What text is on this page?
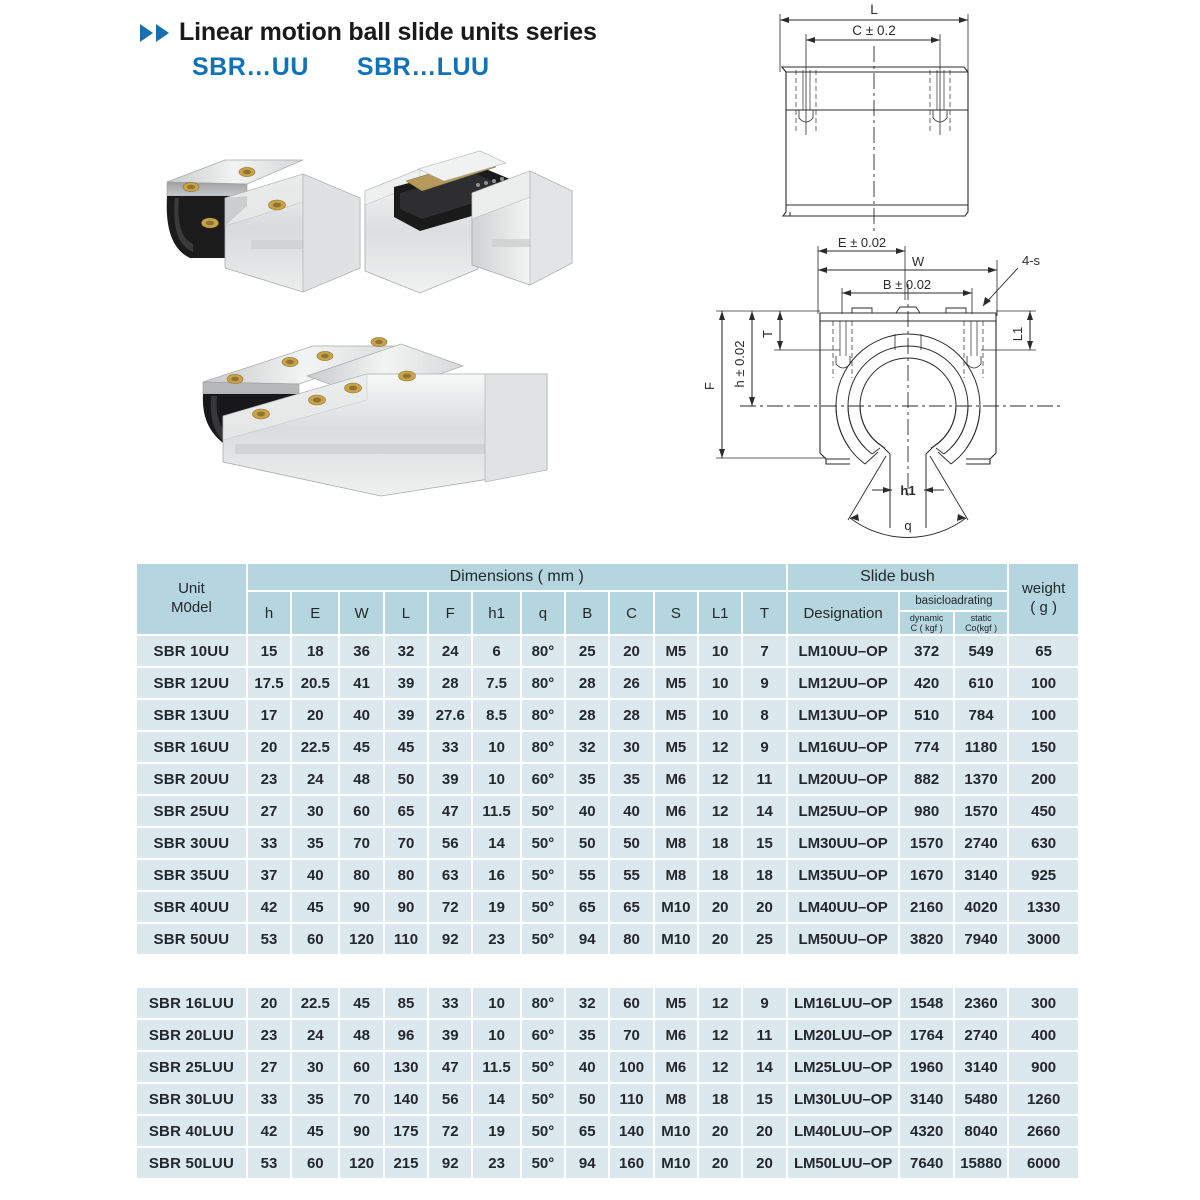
Linear motion ball slide units series
SBR…UU SBR…LUU
L
C ± 0.2
E ± 0.02
W
B ± 0.02
4-s
F h ± 0.02
T	L1
h1
q
Unit
M0del
	Dimensions ( mm )	Slide bush	
weight
( g )

	h	E	W	L	F	h1	q	B	C	S	L1	T	Designation	basicloadrating		

dynamic
C ( kgf )

static
Co(kgf )

SBR 10UU	15	18	36	32	24	6	80°	25	20	M5	10	7	LM10UU–OP	372	549	65
SBR 12UU	17.5	20.5	41	39	28	7.5	80°	28	26	M5	10	9	LM12UU–OP	420	610	100
SBR 13UU	17	20	40	39	27.6	8.5	80°	28	28	M5	10	8	LM13UU–OP	510	784	100
SBR 16UU	20	22.5	45	45	33	10	80°	32	30	M5	12	9	LM16UU–OP	774	1180	150
SBR 20UU	23	24	48	50	39	10	60°	35	35	M6	12	11	LM20UU–OP	882	1370	200
SBR 25UU	27	30	60	65	47	11.5	50°	40	40	M6	12	14	LM25UU–OP	980	1570	450
SBR 30UU	33	35	70	70	56	14	50°	50	50	M8	18	15	LM30UU–OP	1570	2740	630
SBR 35UU	37	40	80	80	63	16	50°	55	55	M8	18	18	LM35UU–OP	1670	3140	925
SBR 40UU	42	45	90	90	72	19	50°	65	65	M10	20	20	LM40UU–OP	2160	4020	1330
SBR 50UU	53	60	120	110	92	23	50°	94	80	M10	20	25	LM50UU–OP	3820	7940	3000

SBR 16LUU	20	22.5	45	85	33	10	80°	32	60	M5	12	9	LM16LUU–OP	1548	2360	300
SBR 20LUU	23	24	48	96	39	10	60°	35	70	M6	12	11	LM20LUU–OP	1764	2740	400
SBR 25LUU	27	30	60	130	47	11.5	50°	40	100	M6	12	14	LM25LUU–OP	1960	3140	900
SBR 30LUU	33	35	70	140	56	14	50°	50	110	M8	18	15	LM30LUU–OP	3140	5480	1260
SBR 40LUU	42	45	90	175	72	19	50°	65	140	M10	20	20	LM40LUU–OP	4320	8040	2660
SBR 50LUU	53	60	120	215	92	23	50°	94	160	M10	20	20	LM50LUU–OP	7640	15880	6000
